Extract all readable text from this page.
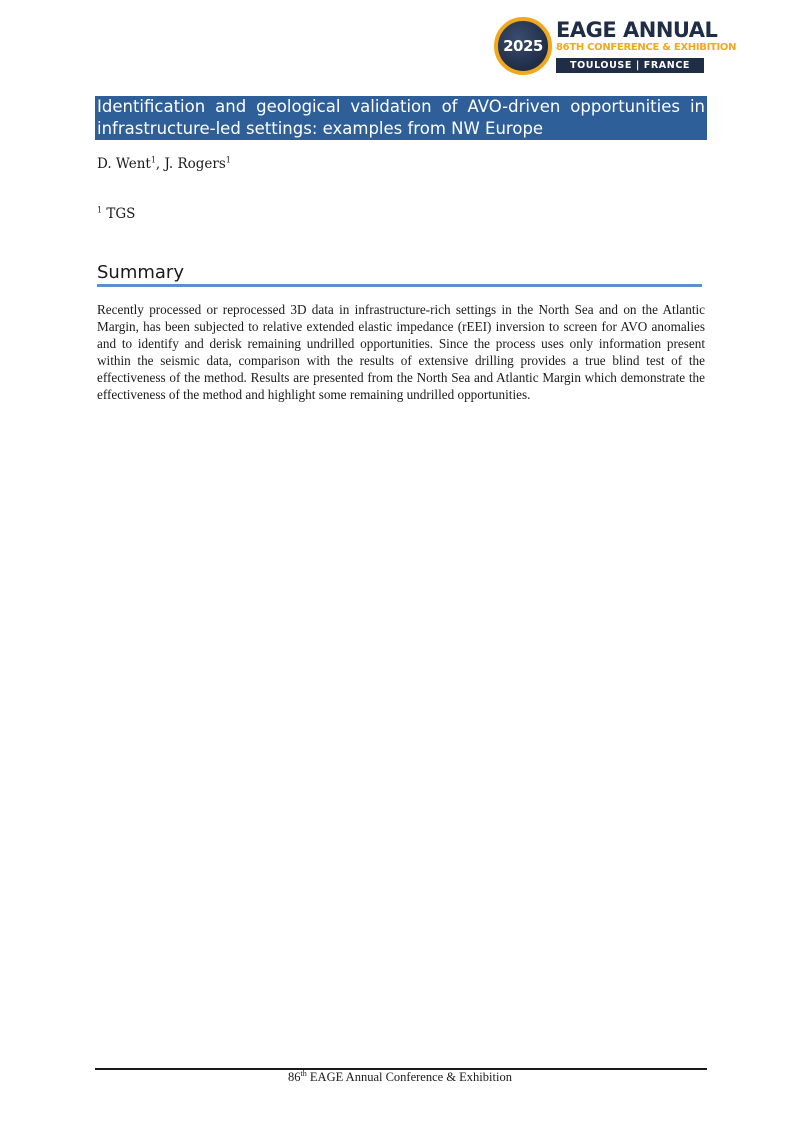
2025
EAGE ANNUAL
86TH CONFERENCE & EXHIBITION
TOULOUSE | FRANCE
Identification and geological validation of AVO-driven opportunities in infrastructure-led settings: examples from NW Europe
D. Went$^1$, J. Rogers$^1$
$^1$ TGS
Summary
Recently processed or reprocessed 3D data in infrastructure-rich settings in the North Sea and on the Atlantic Margin, has been subjected to relative extended elastic impedance (rEEI) inversion to screen for AVO anomalies and to identify and derisk remaining undrilled opportunities. Since the process uses only information present within the seismic data, comparison with the results of extensive drilling provides a true blind test of the effectiveness of the method. Results are presented from the North Sea and Atlantic Margin which demonstrate the effectiveness of the method and highlight some remaining undrilled opportunities.
86th EAGE Annual Conference & Exhibition
